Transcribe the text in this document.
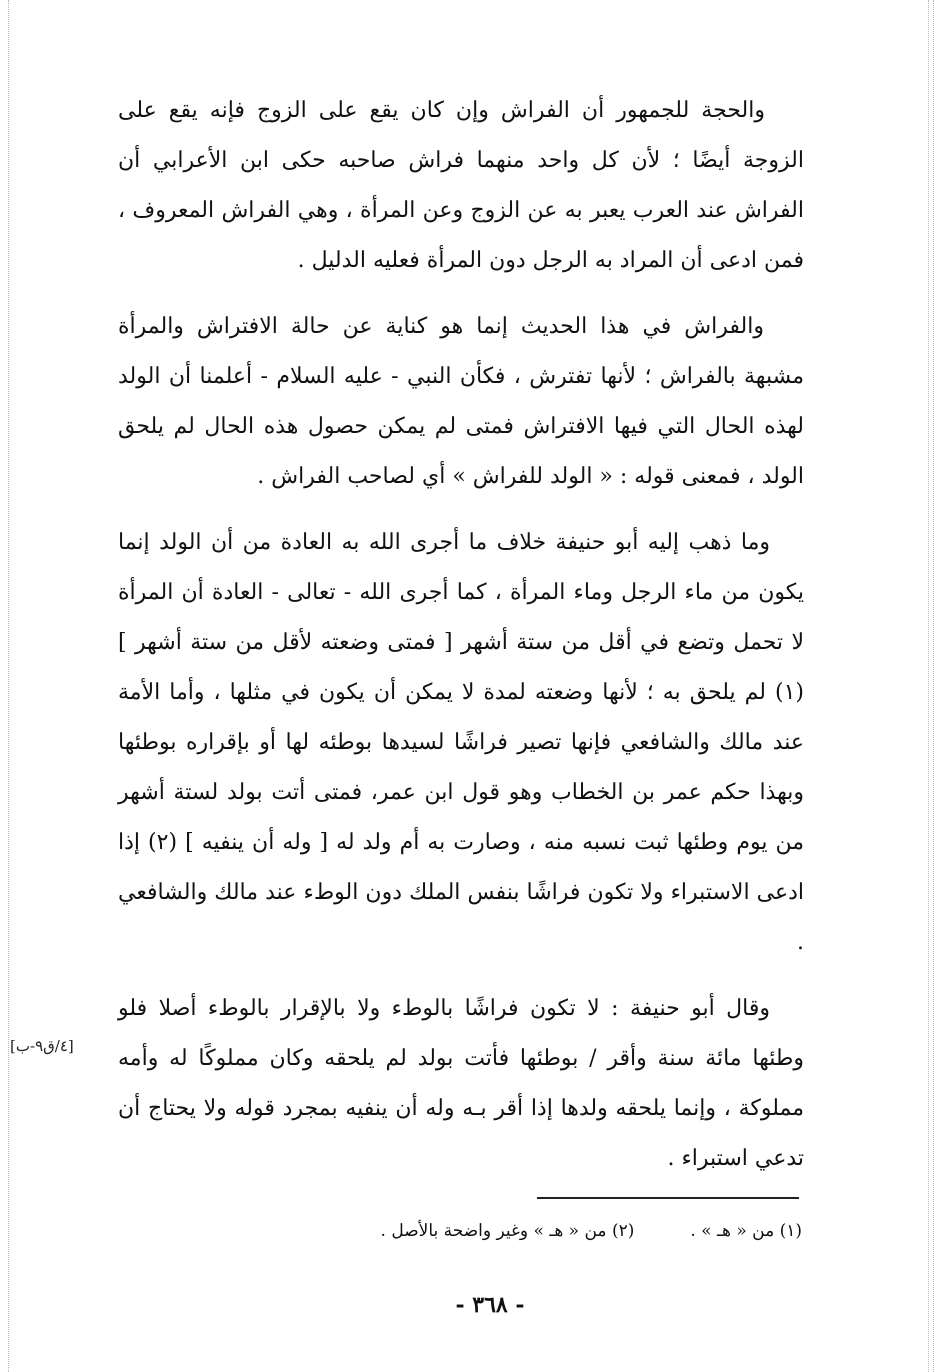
والحجة للجمهور أن الفراش وإن كان يقع على الزوج فإنه يقع علىالزوجة أيضًا ؛ لأن كل واحد منهما فراش صاحبه حكى ابن الأعرابيأن الفراش عند العرب يعبر به عن الزوج وعن المرأة ، وهي الفراشالمعروف ، فمن ادعى أن المراد به الرجل دون المرأة فعليه الدليل .

والفراش في هذا الحديث إنما هو كناية عن حالة الافتراش والمرأةمشبهة بالفراش ؛ لأنها تفترش ، فكأن النبي - عليه السلام - أعلمناأن الولد لهذه الحال التي فيها الافتراش فمتى لم يمكن حصول هذهالحال لم يلحق الولد ، فمعنى قوله : « الولد للفراش » أي لصاحبالفراش .

وما ذهب إليه أبو حنيفة خلاف ما أجرى الله به العادة من أن الولدإنما يكون من ماء الرجل وماء المرأة ، كما أجرى الله - تعالى - العادةأن المرأة لا تحمل وتضع في أقل من ستة أشهر [ فمتى وضعته لأقل منستة أشهر ] (١) لم يلحق به ؛ لأنها وضعته لمدة لا يمكن أن يكون فيمثلها ، وأما الأمة عند مالك والشافعي فإنها تصير فراشًا لسيدها بوطئهلها أو بإقراره بوطئها وبهذا حكم عمر بن الخطاب وهو قول ابن عمر،فمتى أتت بولد لستة أشهر من يوم وطئها ثبت نسبه منه ، وصارت بهأم ولد له [ وله أن ينفيه ] (٢) إذا ادعى الاستبراء ولا تكون فراشًا بنفسالملك دون الوطء عند مالك والشافعي .

وقال أبو حنيفة : لا تكون فراشًا بالوطء ولا بالإقرار بالوطء أصلافلو وطئها مائة سنة وأقر / بوطئها فأتت بولد لم يلحقه وكان مملوكًا لهوأمه مملوكة ، وإنما يلحقه ولدها إذا أقر بـه وله أن ينفيه بمجرد قوله ولايحتاج أن تدعي استبراء .

[٤/ق٩-ب]
(١) من « هـ » .
(٢) من « هـ » وغير واضحة بالأصل .
- ٣٦٨ -
